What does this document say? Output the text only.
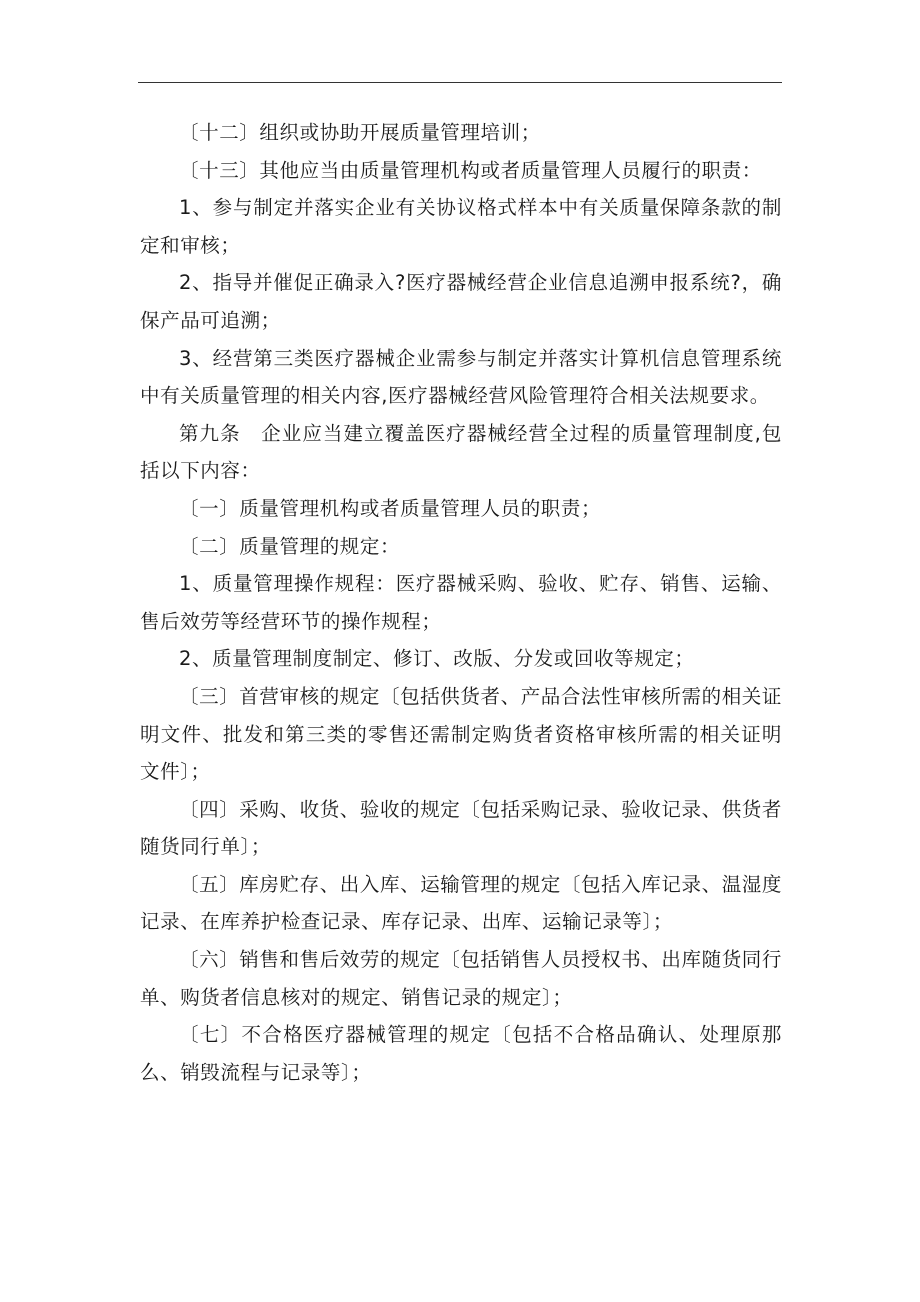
〔十二〕组织或协助开展质量管理培训；

〔十三〕其他应当由质量管理机构或者质量管理人员履行的职责：

1、参与制定并落实企业有关协议格式样本中有关质量保障条款的制定和审核；

2、指导并催促正确录入?医疗器械经营企业信息追溯申报系统?，确保产品可追溯；

3、经营第三类医疗器械企业需参与制定并落实计算机信息管理系统中有关质量管理的相关内容,医疗器械经营风险管理符合相关法规要求。

第九条　企业应当建立覆盖医疗器械经营全过程的质量管理制度,包括以下内容：

〔一〕质量管理机构或者质量管理人员的职责；

〔二〕质量管理的规定：

1、质量管理操作规程：医疗器械采购、验收、贮存、销售、运输、售后效劳等经营环节的操作规程；

2、质量管理制度制定、修订、改版、分发或回收等规定；

〔三〕首营审核的规定〔包括供货者、产品合法性审核所需的相关证明文件、批发和第三类的零售还需制定购货者资格审核所需的相关证明文件〕；

〔四〕采购、收货、验收的规定〔包括采购记录、验收记录、供货者随货同行单〕；

〔五〕库房贮存、出入库、运输管理的规定〔包括入库记录、温湿度记录、在库养护检查记录、库存记录、出库、运输记录等〕；

〔六〕销售和售后效劳的规定〔包括销售人员授权书、出库随货同行单、购货者信息核对的规定、销售记录的规定〕；

〔七〕不合格医疗器械管理的规定〔包括不合格品确认、处理原那么、销毁流程与记录等〕；
